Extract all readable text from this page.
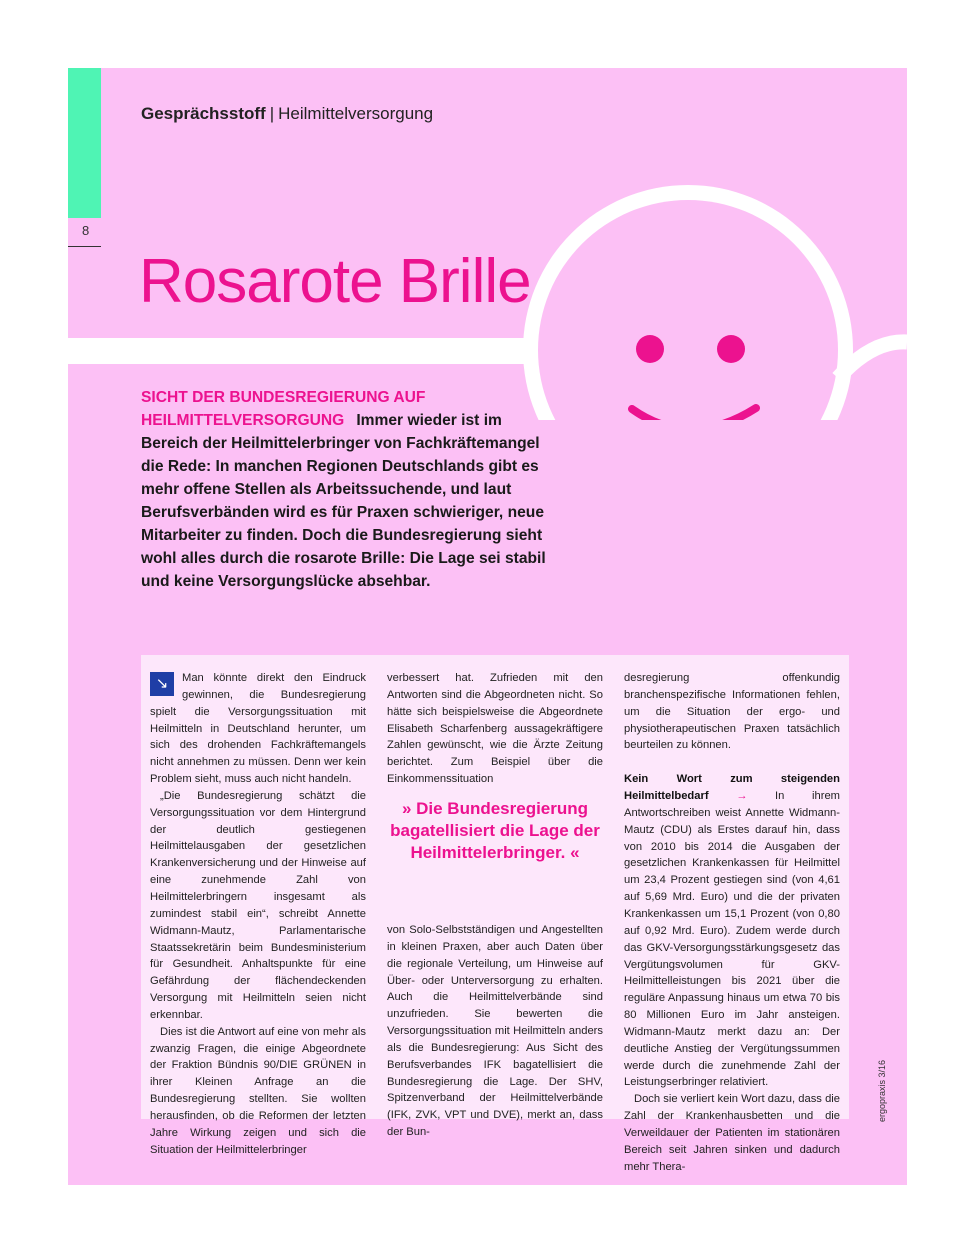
8
Gesprächsstoff | Heilmittelversorgung
Rosarote Brille
SICHT DER BUNDESREGIERUNG AUF HEILMITTELVERSORGUNG Immer wieder ist im Bereich der Heilmittelerbringer von Fachkräftemangel die Rede: In manchen Regionen Deutschlands gibt es mehr offene Stellen als Arbeitssuchende, und laut Berufsverbänden wird es für Praxen schwieriger, neue Mitarbeiter zu finden. Doch die Bundesregierung sieht wohl alles durch die rosarote Brille: Die Lage sei stabil und keine Versorgungslücke absehbar.

↘	Man könnte direkt den Eindruck gewinnen, die Bundesregierung spielt die Versorgungssituation mit Heilmitteln in Deutschland herunter, um sich des drohenden Fachkräftemangels nicht annehmen zu müssen. Denn wer kein Problem sieht, muss auch nicht handeln.

„Die Bundesregierung schätzt die Versorgungssituation vor dem Hintergrund der deutlich gestiegenen Heilmittelausgaben der gesetzlichen Krankenversicherung und der Hinweise auf eine zunehmende Zahl von Heilmittelerbringern insgesamt als zumindest stabil ein“, schreibt Annette Widmann-Mautz, Parlamentarische Staatssekretärin beim Bundesministerium für Gesundheit. Anhaltspunkte für eine Gefährdung der flächendeckenden Versorgung mit Heilmitteln seien nicht erkennbar.

Dies ist die Antwort auf eine von mehr als zwanzig Fragen, die einige Abgeordnete der Fraktion Bündnis 90/DIE GRÜNEN in ihrer Kleinen Anfrage an die Bundesregierung stellten. Sie wollten herausfinden, ob die Reformen der letzten Jahre Wirkung zeigen und sich die Situation der Heilmittelerbringer

verbessert hat. Zufrieden mit den Antworten sind die Abgeordneten nicht. So hätte sich beispielsweise die Abgeordnete Elisabeth Scharfenberg aussagekräftigere Zahlen gewünscht, wie die Ärzte Zeitung berichtet. Zum Beispiel über die Einkommenssituation

» Die Bundesregierung bagatellisiert die Lage der Heilmittelerbringer. «

von Solo-Selbstständigen und Angestellten in kleinen Praxen, aber auch Daten über die regionale Verteilung, um Hinweise auf Über- oder Unterversorgung zu erhalten. Auch die Heilmittelverbände sind unzufrieden. Sie bewerten die Versorgungssituation mit Heilmitteln anders als die Bundesregierung: Aus Sicht des Berufsverbandes IFK bagatellisiert die Bundesregierung die Lage. Der SHV, Spitzenverband der Heilmittelverbände (IFK, ZVK, VPT und DVE), merkt an, dass der Bun-

desregierung offenkundig branchenspezifische Informationen fehlen, um die Situation der ergo- und physiotherapeutischen Praxen tatsächlich beurteilen zu können.

Kein Wort zum steigenden Heilmittelbedarf → In ihrem Antwortschreiben weist Annette Widmann-Mautz (CDU) als Erstes darauf hin, dass von 2010 bis 2014 die Ausgaben der gesetzlichen Krankenkassen für Heilmittel um 23,4 Prozent gestiegen sind (von 4,61 auf 5,69 Mrd. Euro) und die der privaten Krankenkassen um 15,1 Prozent (von 0,80 auf 0,92 Mrd. Euro). Zudem werde durch das GKV-Versorgungsstärkungsgesetz das Vergütungsvolumen für GKV-Heilmittelleistungen bis 2021 über die reguläre Anpassung hinaus um etwa 70 bis 80 Millionen Euro im Jahr ansteigen. Widmann-Mautz merkt dazu an: Der deutliche Anstieg der Vergütungssummen werde durch die zunehmende Zahl der Leistungserbringer relativiert.

Doch sie verliert kein Wort dazu, dass die Zahl der Krankenhausbetten und die Verweildauer der Patienten im stationären Bereich seit Jahren sinken und dadurch mehr Thera-

ergopraxis 3/16
